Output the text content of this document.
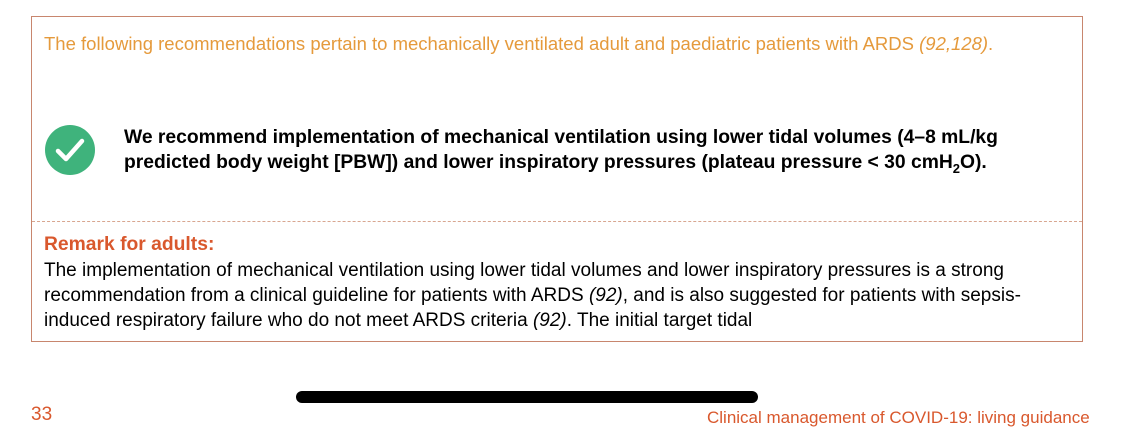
The following recommendations pertain to mechanically ventilated adult and paediatric patients with ARDS (92,128).
We recommend implementation of mechanical ventilation using lower tidal volumes (4–8 mL/kg predicted body weight [PBW]) and lower inspiratory pressures (plateau pressure < 30 cmH$_2$O).
Remark for adults:
The implementation of mechanical ventilation using lower tidal volumes and lower inspiratory pressures is a strong recommendation from a clinical guideline for patients with ARDS (92), and is also suggested for patients with sepsis-induced respiratory failure who do not meet ARDS criteria (92). The initial target tidal
33	Clinical management of COVID-19: living guidance
